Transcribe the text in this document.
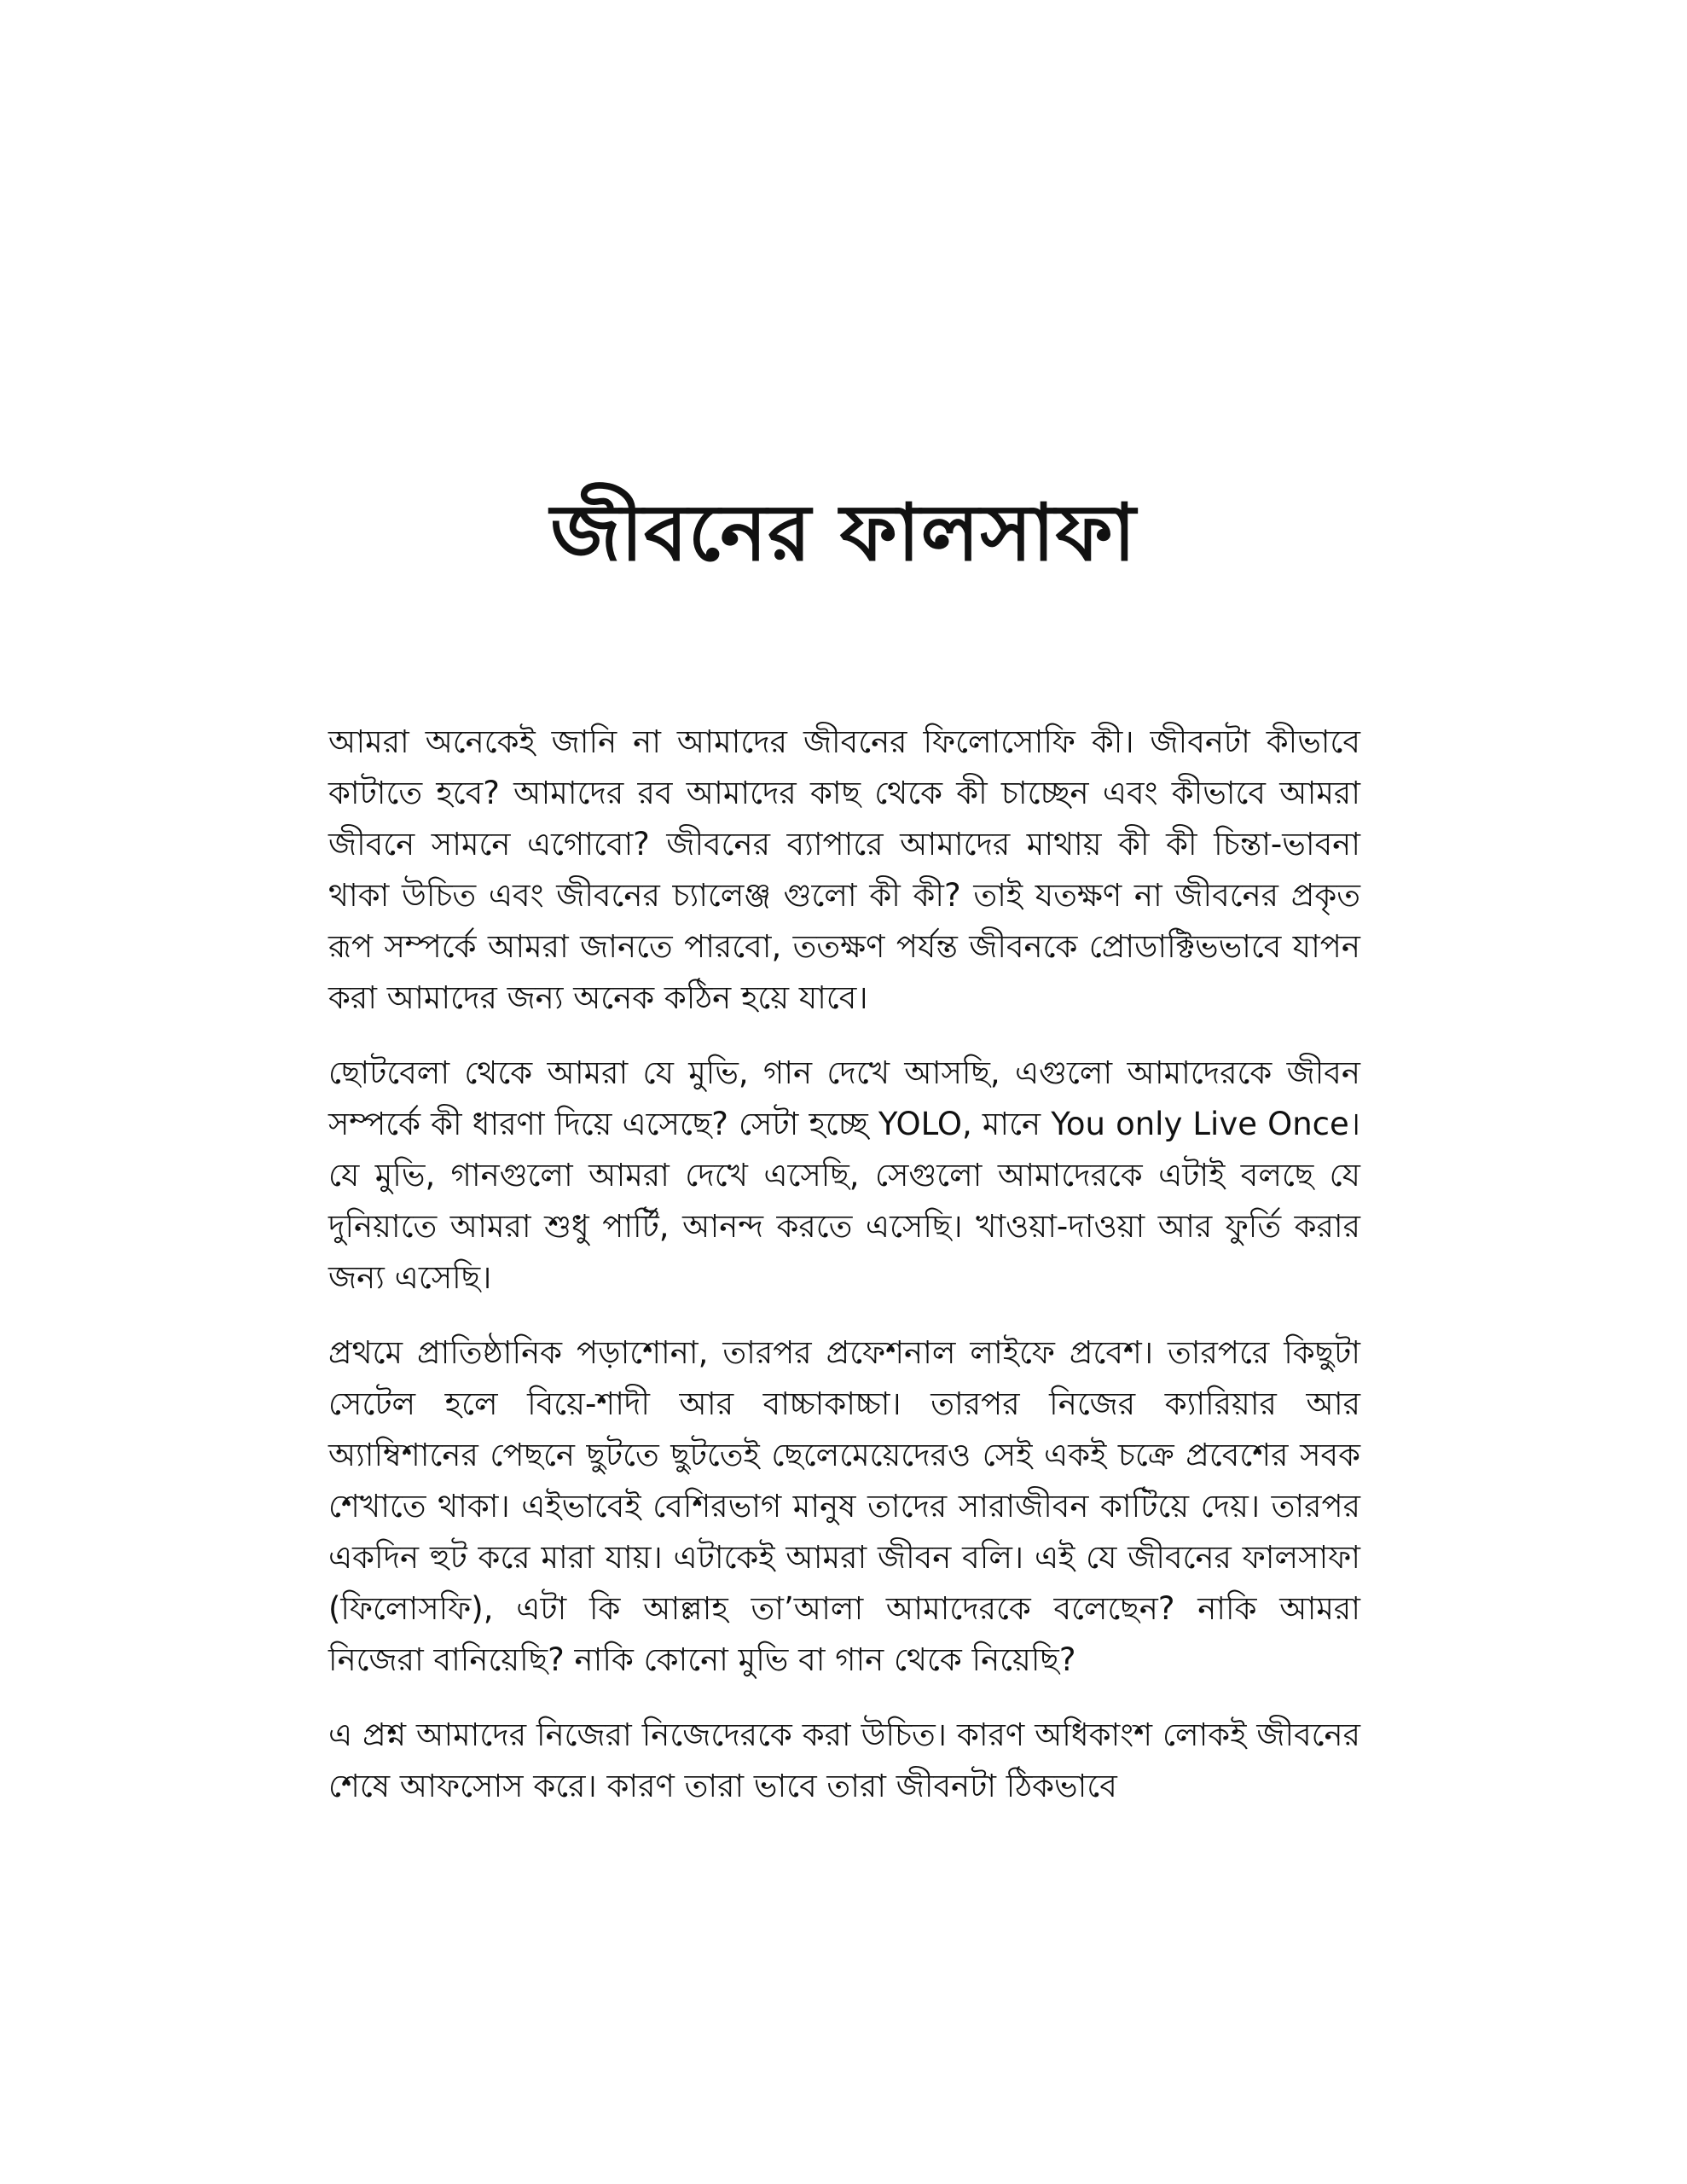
জীবনের ফালসাফা

আমরা অনেকেই জানি না আমাদের জীবনের ফিলোসোফি কী। জীবনটা কীভাবে কাটাতে হবে? আমাদের রব আমাদের কাছ থেকে কী চাচ্ছেন এবং কীভাবে আমরা জীবনে সামনে এগোবো? জীবনের ব্যাপারে আমাদের মাথায় কী কী চিন্তা-ভাবনা থাকা উচিত এবং জীবনের চ্যালেঞ্জ গুলো কী কী? তাই যতক্ষণ না জীবনের প্রকৃত রূপ সম্পর্কে আমরা জানতে পারবো, ততক্ষণ পর্যন্ত জীবনকে প্রোডাক্টিভভাবে যাপন করা আমাদের জন্য অনেক কঠিন হয়ে যাবে।

ছোটবেলা থেকে আমরা যে মুভি, গান দেখে আসছি, এগুলো আমাদেরকে জীবন সম্পর্কে কী ধারণা দিয়ে এসেছে? সেটা হচ্ছে YOLO, মানে You only Live Once। যে মুভি, গানগুলো আমরা দেখে এসেছি, সেগুলো আমাদেরকে এটাই বলছে যে দুনিয়াতে আমরা শুধু পার্টি, আনন্দ করতে এসেছি। খাওয়া-দাওয়া আর ফুর্তি করার জন্য এসেছি।

প্রথমে প্রাতিষ্ঠানিক পড়াশোনা, তারপর প্রফেশনাল লাইফে প্রবেশ। তারপরে কিছুটা সেটেল হলে বিয়ে-শাদী আর বাচ্চাকাচ্চা। তারপর নিজের ক্যারিয়ার আর অ্যাম্বিশানের পেছনে ছুটতে ছুটতেই ছেলেমেয়েদেরও সেই একই চক্রে প্রবেশের সবক শেখাতে থাকা। এইভাবেই বেশিরভাগ মানুষ তাদের সারাজীবন কাটিয়ে দেয়। তারপর একদিন হুট করে মারা যায়। এটাকেই আমরা জীবন বলি। এই যে জীবনের ফালসাফা (ফিলোসফি), এটা কি আল্লাহ তা’আলা আমাদেরকে বলেছেন? নাকি আমরা নিজেরা বানিয়েছি? নাকি কোনো মুভি বা গান থেকে নিয়েছি?

এ প্রশ্ন আমাদের নিজেরা নিজেদেরকে করা উচিত। কারণ অধিকাংশ লোকই জীবনের শেষে আফসোস করে। কারণ তারা ভাবে তারা জীবনটা ঠিকভাবে
